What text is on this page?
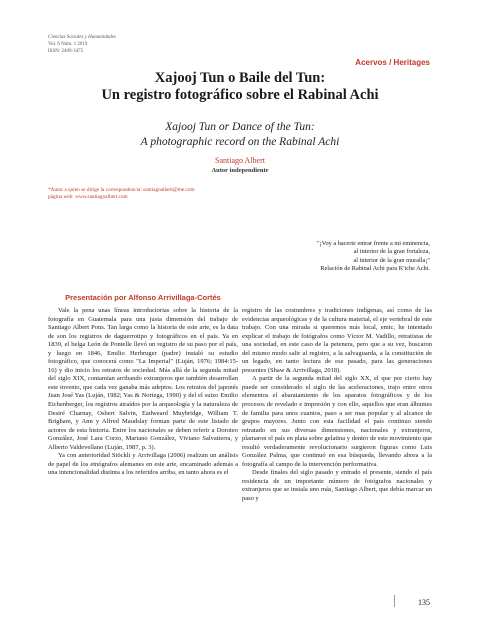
Ciencias Sociales y Humanidades
Vol. 6 Núm. 1 2019
ISSN: 2409-3475
Acervos / Heritages
Xajooj Tun o Baile del Tun:
Un registro fotográfico sobre el Rabinal Achi
Xajooj Tun or Dance of the Tun:
A photographic record on the Rabinal Achi
Santiago Albert
Autor independiente
*Autor a quien se dirige la correspondencia: santiagoalbert@me.com
página web: www.santiagoalbert.com
"¡Voy a hacerte entrar frente a mi eminencia,
al interior de la gran fortaleza,
al interior de la gran muralla¡"
Relación de Rabinal Achi para K'iche Achi.
Presentación por Alfonso Arrivillaga-Cortés

Vale la pena unas líneas introductorias sobre la historia de la fotografía en Guatemala para una justa dimensión del trabajo de Santiago Albert Pons. Tan larga como la historia de este arte, es la data de son los registros de daguerrotipo y fotográficos en el país. Ya en 1839, el belga León de Pontelle llevó un registro de su paso por el país, y luego en 1846, Emilio Herbruger (padre) instaló su estudio fotográfico, que conocerá como "La Imperial" (Luján, 1976; 1984:15-16) y dio inicio los retratos de sociedad. Más allá de la segunda mitad del siglo XIX, contamian arribando extranjeros que también desarrollan este invento, que cada vez ganaba más adeptos. Los retratos del japonés Juan José Yas (Luján, 1982; Yas & Noriega, 1990) y del el suizo Emilio Eichenberger, los registros atraídos por la arqueología y la naturaleza de Desiré Charnay, Osbert Salvin, Eadweard Muybridge, William T. Brigham, y Ann y Alfred Maudslay forman parte de este listado de actores de esta historia. Entre los nacionales se deben referir a Doroteo González, José Lara Corzo, Mariano González, Viviano Salvatierra, y Alberto Valdevellano (Luján, 1987, p. 3).

Ya con anterioridad Stöckli y Arrivillaga (2006) realizan un análisis de papel de los etnógrafos alemanes en este arte, encaminado además a una intencionalidad distinta a los referidos arriba, en tanto ahora es el

registro de las costumbres y tradiciones indígenas, así como de las evidencias arqueológicas y de la cultura material, el eje vertebral de este trabajo. Con una mirada si queremos más local, emic, he intentado explicar el trabajo de fotógrafos como Víctor M. Vadillo, retratistas de una sociedad, en este caso de la petenera, pero que a su vez, buscaron del mismo modo salir al registro, a la salvaguarda, a la constitución de un legado, en tanto lectura de ese pasado, para las generaciones presentes (Shaw & Arrivillaga, 2018).

A partir de la segunda mitad del siglo XX, el que por cierto hay puede ser considerado el siglo de las aceleraciones, trajo entre otros elementos el abaratamiento de los aparatos fotográficos y de los procesos de revelado e impresión y con ello, aquellos que eran álbumes de familia para unos cuantos, paso a ser mas popular y al alcance de grupos mayores. Junto con esta facilidad el país continuo siendo retratado en sus diversas dimensiones, nacionales y extranjeros, plamaron el país en plata sobre gelatina y dentro de este movimiento que resultó verdaderamente revolucionario surgieron figuras como Luis González Palma, que continuó en esa búsqueda, llevando ahora a la fotografía al campo de la intervención performativa.

Desde finales del siglo pasado y entrado el presente, siendo el país residencia de un importante número de fotógrafos nacionales y extranjeros que se instala uno más, Santiago Albert, que debía marcar un paso y

135
